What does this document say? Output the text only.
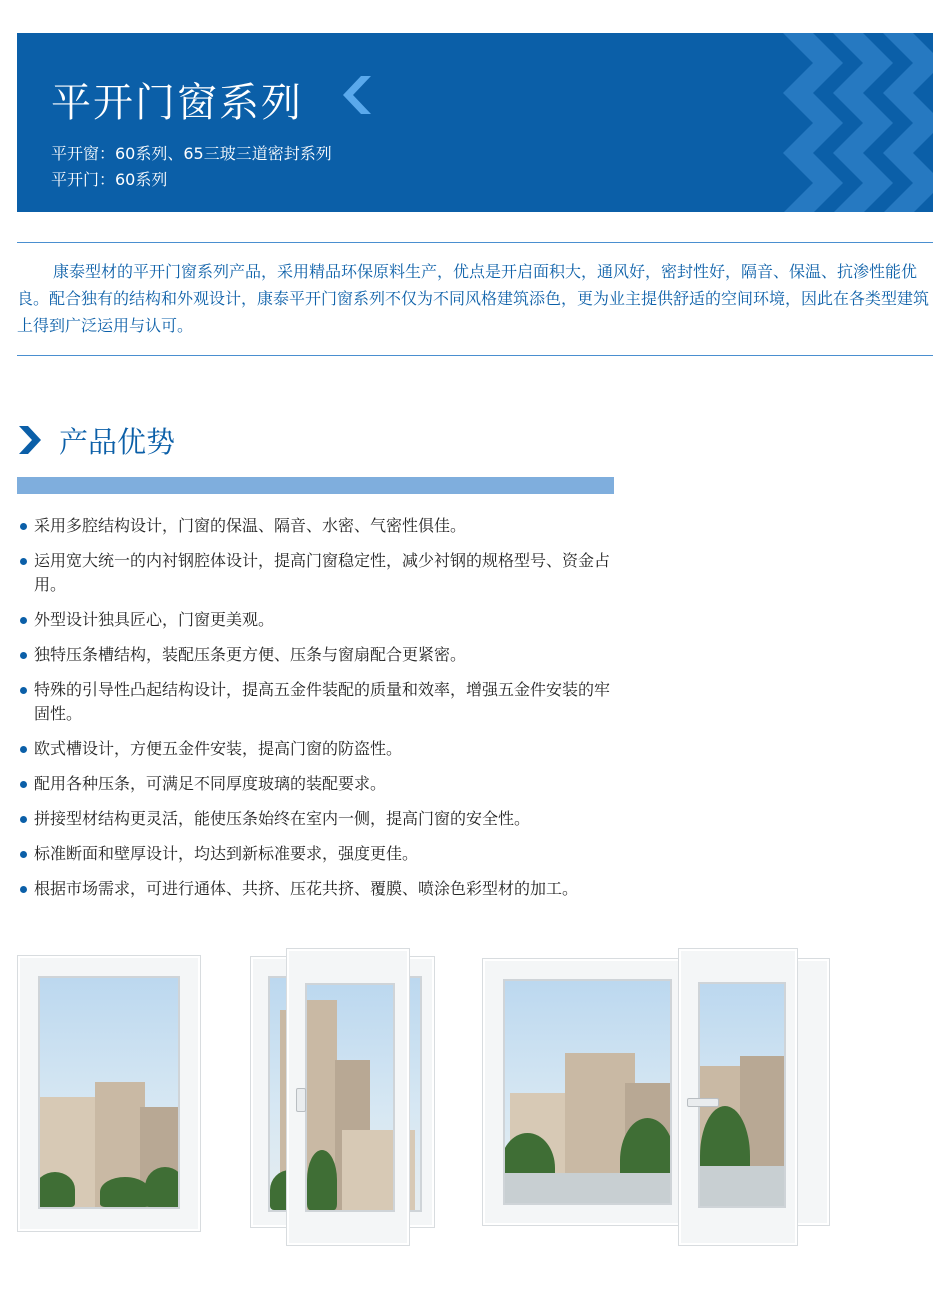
平开门窗系列
平开窗：60系列、65三玻三道密封系列
平开门：60系列

康泰型材的平开门窗系列产品，采用精品环保原料生产，优点是开启面积大，通风好，密封性好，隔音、保温、抗渗性能优良。配合独有的结构和外观设计，康泰平开门窗系列不仅为不同风格建筑添色，更为业主提供舒适的空间环境，因此在各类型建筑上得到广泛运用与认可。

产品优势
采用多腔结构设计，门窗的保温、隔音、水密、气密性俱佳。
运用宽大统一的内衬钢腔体设计，提高门窗稳定性，减少衬钢的规格型号、资金占用。
外型设计独具匠心，门窗更美观。
独特压条槽结构，装配压条更方便、压条与窗扇配合更紧密。
特殊的引导性凸起结构设计，提高五金件装配的质量和效率，增强五金件安装的牢固性。
欧式槽设计，方便五金件安装，提高门窗的防盗性。
配用各种压条，可满足不同厚度玻璃的装配要求。
拼接型材结构更灵活，能使压条始终在室内一侧，提高门窗的安全性。
标准断面和壁厚设计，均达到新标准要求，强度更佳。
根据市场需求，可进行通体、共挤、压花共挤、覆膜、喷涂色彩型材的加工。
